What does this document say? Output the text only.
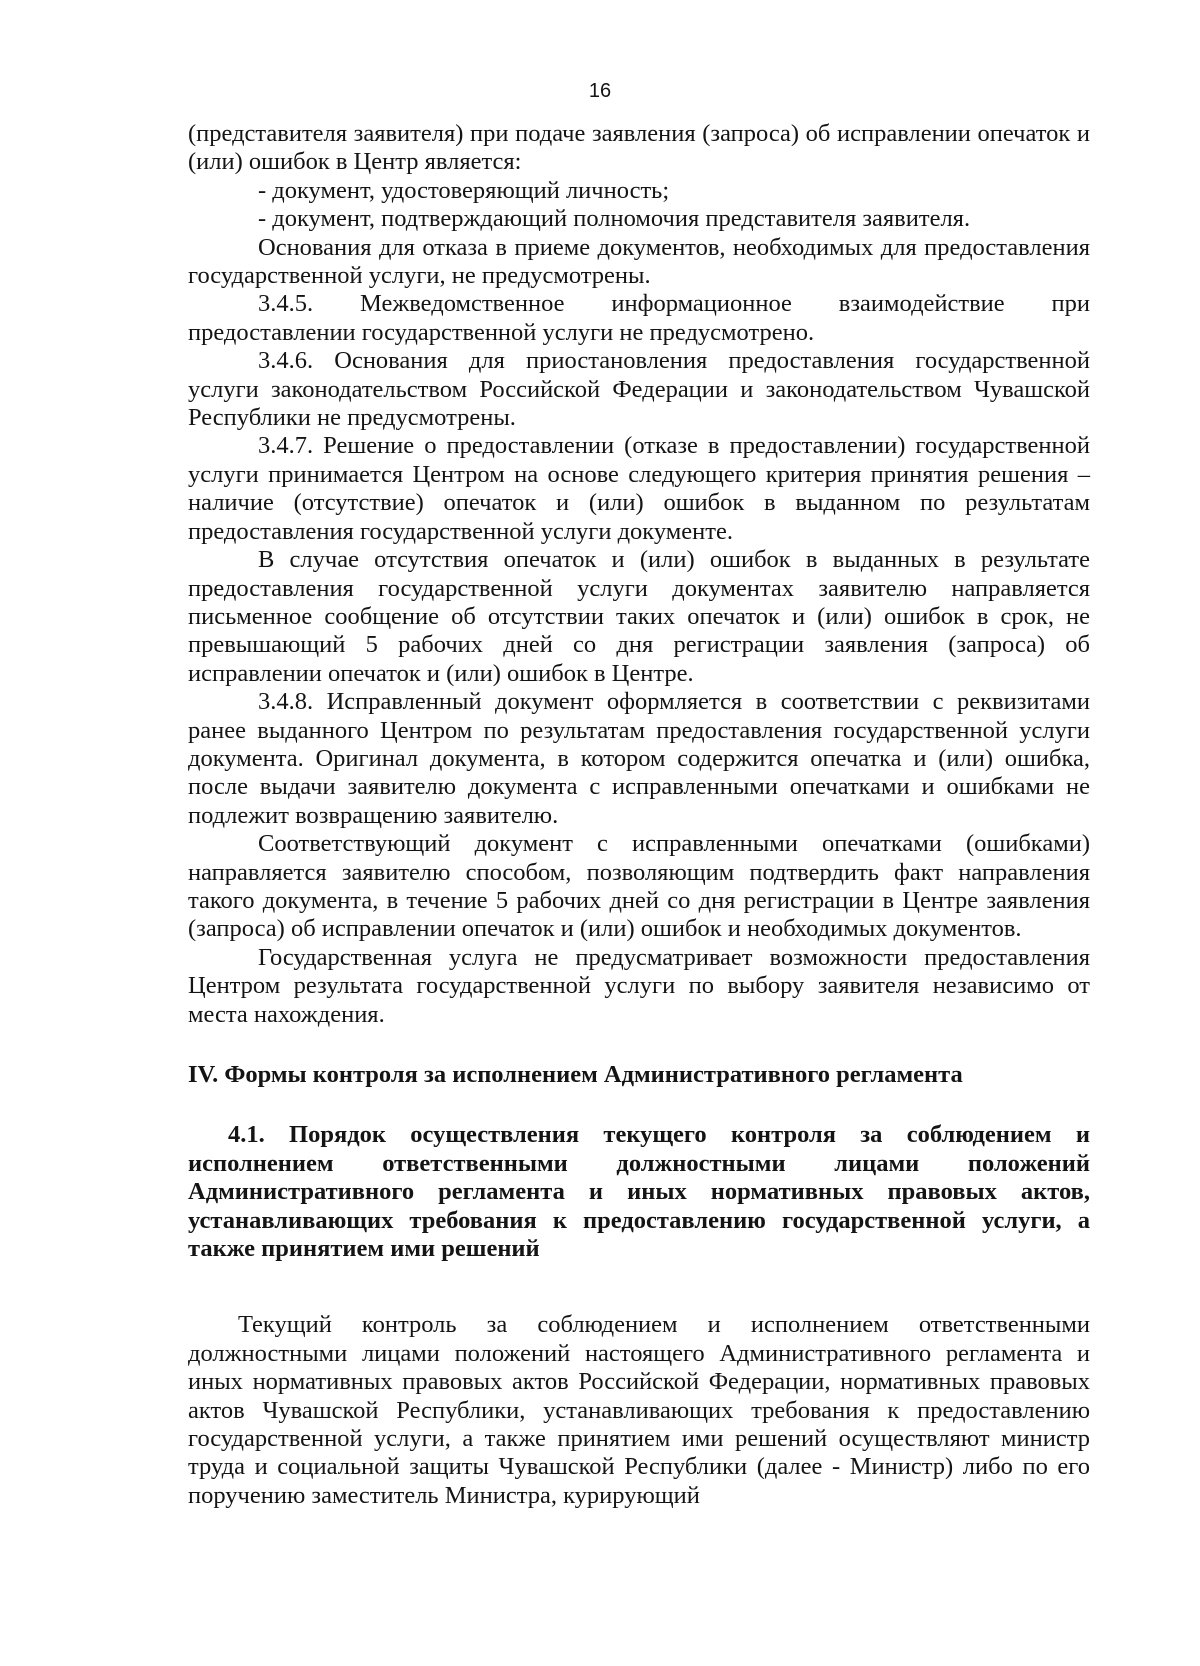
16

(представителя заявителя) при подаче заявления (запроса) об исправлении опечаток и (или) ошибок в Центр является:

- документ, удостоверяющий личность;

- документ, подтверждающий полномочия представителя заявителя.

Основания для отказа в приеме документов, необходимых для предоставления государственной услуги, не предусмотрены.

3.4.5. Межведомственное информационное взаимодействие при предоставлении государственной услуги не предусмотрено.

3.4.6. Основания для приостановления предоставления государственной услуги законодательством Российской Федерации и законодательством Чувашской Республики не предусмотрены.

3.4.7. Решение о предоставлении (отказе в предоставлении) государственной услуги принимается Центром на основе следующего критерия принятия решения – наличие (отсутствие) опечаток и (или) ошибок в выданном по результатам предоставления государственной услуги документе.

В случае отсутствия опечаток и (или) ошибок в выданных в результате предоставления государственной услуги документах заявителю направляется письменное сообщение об отсутствии таких опечаток и (или) ошибок в срок, не превышающий 5 рабочих дней со дня регистрации заявления (запроса) об исправлении опечаток и (или) ошибок в Центре.

3.4.8. Исправленный документ оформляется в соответствии с реквизитами ранее выданного Центром по результатам предоставления государственной услуги документа. Оригинал документа, в котором содержится опечатка и (или) ошибка, после выдачи заявителю документа с исправленными опечатками и ошибками не подлежит возвращению заявителю.

Соответствующий документ с исправленными опечатками (ошибками) направляется заявителю способом, позволяющим подтвердить факт направления такого документа, в течение 5 рабочих дней со дня регистрации в Центре заявления (запроса) об исправлении опечаток и (или) ошибок и необходимых документов.

Государственная услуга не предусматривает возможности предоставления Центром результата государственной услуги по выбору заявителя независимо от места нахождения.

IV. Формы контроля за исполнением Административного регламента

4.1. Порядок осуществления текущего контроля за соблюдением и исполнением ответственными должностными лицами положений Административного регламента и иных нормативных правовых актов, устанавливающих требования к предоставлению государственной услуги, а также принятием ими решений

Текущий контроль за соблюдением и исполнением ответственными должностными лицами положений настоящего Административного регламента и иных нормативных правовых актов Российской Федерации, нормативных правовых актов Чувашской Республики, устанавливающих требования к предоставлению государственной услуги, а также принятием ими решений осуществляют министр труда и социальной защиты Чувашской Республики (далее - Министр) либо по его поручению заместитель Министра, курирующий
